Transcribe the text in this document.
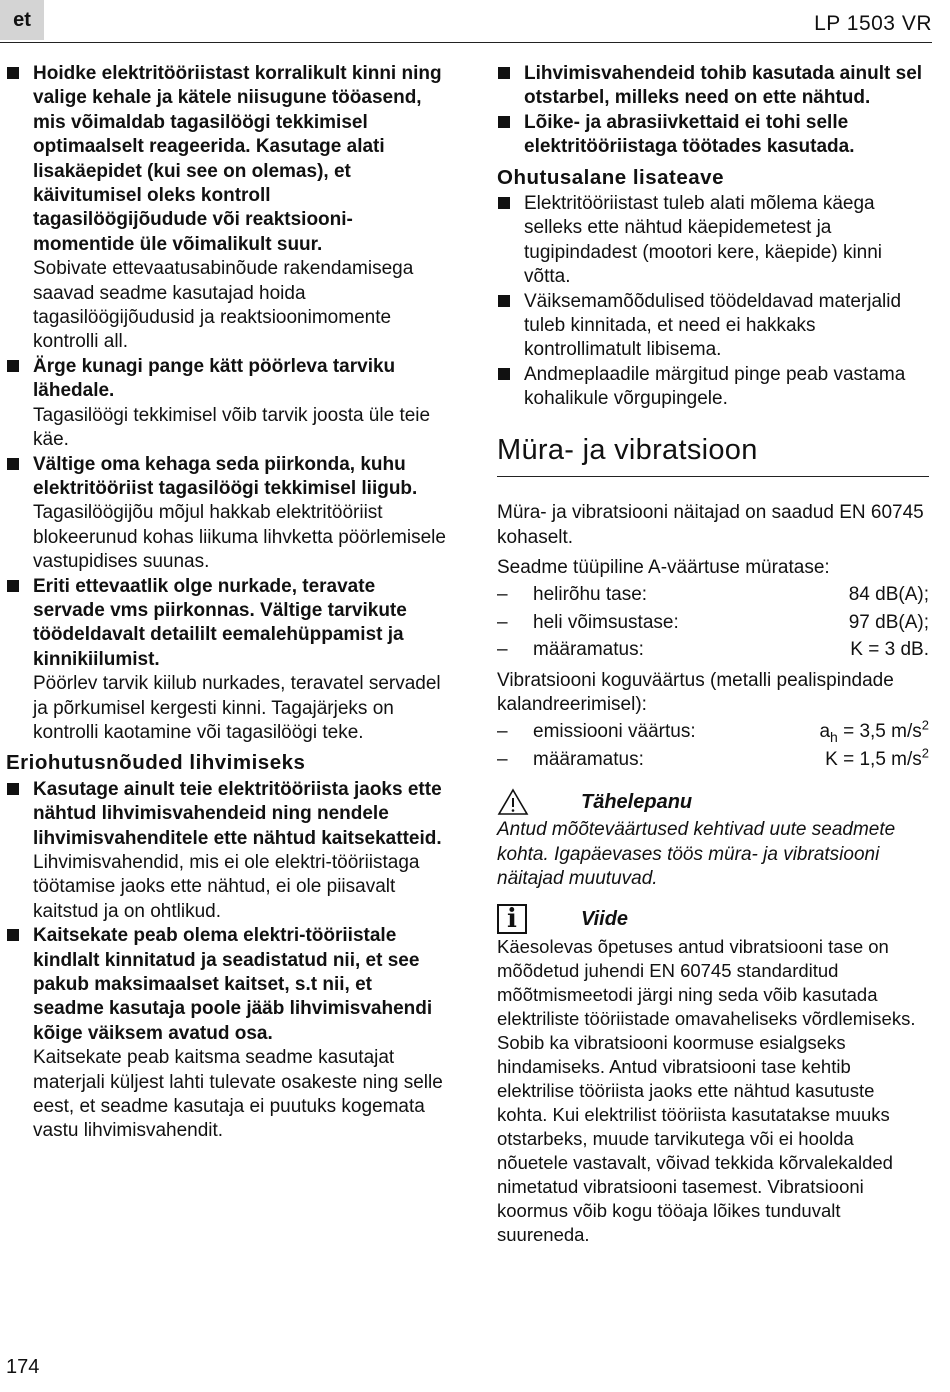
et	LP 1503 VR
Hoidke elektritööriistast korralikult kinni ning valige kehale ja kätele niisugune tööasend, mis võimaldab tagasilöögi tekkimisel optimaalselt reageerida. Kasutage alati lisakäepidet (kui see on olemas), et käivitumisel oleks kontroll tagasilöögijõudude või reaktsiooni-momentide üle võimalikult suur.
Sobivate ettevaatusabinõude rakendamisega saavad seadme kasutajad hoida tagasilöögijõudusid ja reaktsioonimomente kontrolli all.
Ärge kunagi pange kätt pöörleva tarviku lähedale.
Tagasilöögi tekkimisel võib tarvik joosta üle teie käe.
Vältige oma kehaga seda piirkonda, kuhu elektritööriist tagasilöögi tekkimisel liigub.
Tagasilöögijõu mõjul hakkab elektritööriist blokeerunud kohas liikuma lihvketta pöörlemisele vastupidises suunas.
Eriti ettevaatlik olge nurkade, teravate servade vms piirkonnas. Vältige tarvikute töödeldavalt detaililt eemalehüppamist ja kinnikiilumist.
Pöörlev tarvik kiilub nurkades, teravatel servadel ja põrkumisel kergesti kinni. Tagajärjeks on kontrolli kaotamine või tagasilöögi teke.
Eriohutusnõuded lihvimiseks
Kasutage ainult teie elektritööriista jaoks ette nähtud lihvimisvahendeid ning nendele lihvimisvahenditele ette nähtud kaitsekatteid.
Lihvimisvahendid, mis ei ole elektri-tööriistaga töötamise jaoks ette nähtud, ei ole piisavalt kaitstud ja on ohtlikud.
Kaitsekate peab olema elektri-tööriistale kindlalt kinnitatud ja seadistatud nii, et see pakub maksimaalset kaitset, s.t nii, et seadme kasutaja poole jääb lihvimisvahendi kõige väiksem avatud osa.
Kaitsekate peab kaitsma seadme kasutajat materjali küljest lahti tulevate osakeste ning selle eest, et seadme kasutaja ei puutuks kogemata vastu lihvimisvahendit.
Lihvimisvahendeid tohib kasutada ainult sel otstarbel, milleks need on ette nähtud.
Lõike- ja abrasiivkettaid ei tohi selle elektritööriistaga töötades kasutada.
Ohutusalane lisateave
Elektritööriistast tuleb alati mõlema käega selleks ette nähtud käepidemetest ja tugipindadest (mootori kere, käepide) kinni võtta.
Väiksemamõõdulised töödeldavad materjalid tuleb kinnitada, et need ei hakkaks kontrollimatult libisema.
Andmeplaadile märgitud pinge peab vastama kohalikule võrgupingele.
Müra- ja vibratsioon
Müra- ja vibratsiooni näitajad on saadud EN 60745 kohaselt.
Seadme tüüpiline A-väärtuse müratase:
–	helirõhu tase:	84 dB(A);
–	heli võimsustase:	97 dB(A);
–	määramatus:	K = 3 dB.
Vibratsiooni koguväärtus (metalli pealispindade kalandreerimisel):
–	emissiooni väärtus:	$a_h = 3,5$ $m/s^2$
–	määramatus:	K = 1,5 $m/s^2$
Tähelepanu
Antud mõõteväärtused kehtivad uute seadmete kohta. Igapäevases töös müra- ja vibratsiooni näitajad muutuvad.
i	Viide
Käesolevas õpetuses antud vibratsiooni tase on mõõdetud juhendi EN 60745 standarditud mõõtmismeetodi järgi ning seda võib kasutada elektriliste tööriistade omavaheliseks võrdlemiseks. Sobib ka vibratsiooni koormuse esialgseks hindamiseks. Antud vibratsiooni tase kehtib elektrilise tööriista jaoks ette nähtud kasutuste kohta. Kui elektrilist tööriista kasutatakse muuks otstarbeks, muude tarvikutega või ei hoolda nõuetele vastavalt, võivad tekkida kõrvalekalded nimetatud vibratsiooni tasemest. Vibratsiooni koormus võib kogu tööaja lõikes tunduvalt suureneda.
174
